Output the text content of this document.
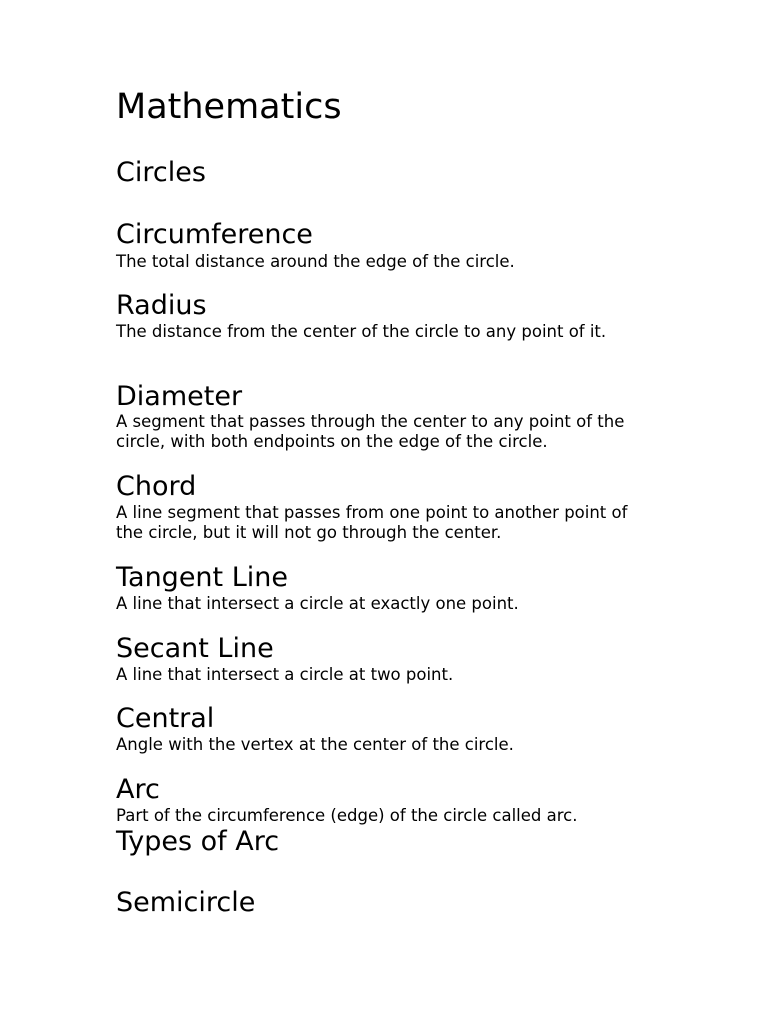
Mathematics
Circles
Circumference
The total distance around the edge of the circle.
Radius
The distance from the center of the circle to any point of it.
Diameter
A segment that passes through the center to any point of the circle, with both endpoints on the edge of the circle.
Chord
A line segment that passes from one point to another point of the circle, but it will not go through the center.
Tangent Line
A line that intersect a circle at exactly one point.
Secant Line
A line that intersect a circle at two point.
Central
Angle with the vertex at the center of the circle.
Arc
Part of the circumference (edge) of the circle called arc.
Types of Arc
Semicircle
